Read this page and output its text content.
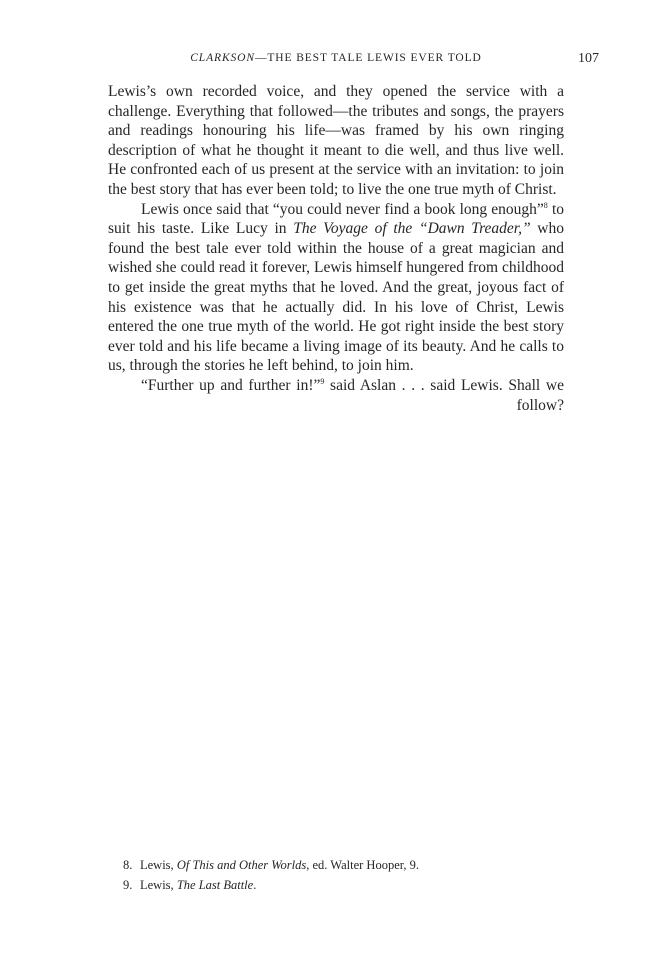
CLARKSON—THE BEST TALE LEWIS EVER TOLD	107

Lewis’s own recorded voice, and they opened the service with a challenge. Everything that followed—the tributes and songs, the prayers and readings honouring his life—was framed by his own ringing description of what he thought it meant to die well, and thus live well. He confronted each of us present at the service with an invitation: to join the best story that has ever been told; to live the one true myth of Christ.

Lewis once said that “you could never find a book long enough”$^8$ to suit his taste. Like Lucy in The Voyage of the “Dawn Treader,” who found the best tale ever told within the house of a great magician and wished she could read it forever, Lewis himself hungered from childhood to get inside the great myths that he loved. And the great, joyous fact of his existence was that he actually did. In his love of Christ, Lewis entered the one true myth of the world. He got right inside the best story ever told and his life became a living image of its beauty. And he calls to us, through the stories he left behind, to join him.

“Further up and further in!”$^9$ said Aslan . . . said Lewis. Shall we follow?

8. Lewis, Of This and Other Worlds, ed. Walter Hooper, 9.
9. Lewis, The Last Battle.
